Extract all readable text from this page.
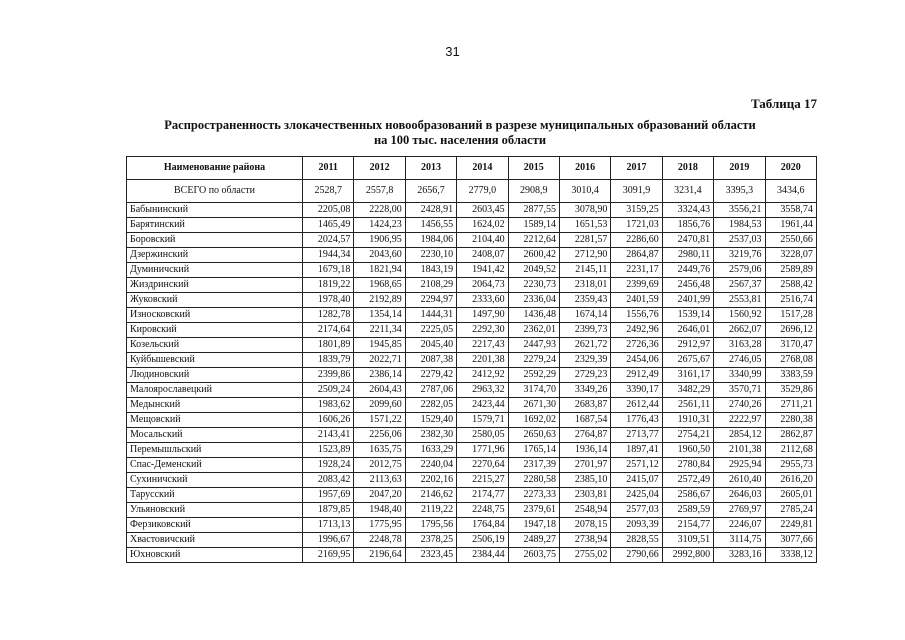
31
Таблица 17
Распространенность злокачественных новообразований в разрезе муниципальных образований области
на 100 тыс. населения области
Наименование района	2011	2012	2013	2014	2015	2016	2017	2018	2019	2020
ВСЕГО по области	2528,7	2557,8	2656,7	2779,0	2908,9	3010,4	3091,9	3231,4	3395,3	3434,6
Бабынинский	2205,08	2228,00	2428,91	2603,45	2877,55	3078,90	3159,25	3324,43	3556,21	3558,74
Барятинский	1465,49	1424,23	1456,55	1624,02	1589,14	1651,53	1721,03	1856,76	1984,53	1961,44
Боровский	2024,57	1906,95	1984,06	2104,40	2212,64	2281,57	2286,60	2470,81	2537,03	2550,66
Дзержинский	1944,34	2043,60	2230,10	2408,07	2600,42	2712,90	2864,87	2980,11	3219,76	3228,07
Думиничский	1679,18	1821,94	1843,19	1941,42	2049,52	2145,11	2231,17	2449,76	2579,06	2589,89
Жиздринский	1819,22	1968,65	2108,29	2064,73	2230,73	2318,01	2399,69	2456,48	2567,37	2588,42
Жуковский	1978,40	2192,89	2294,97	2333,60	2336,04	2359,43	2401,59	2401,99	2553,81	2516,74
Износковский	1282,78	1354,14	1444,31	1497,90	1436,48	1674,14	1556,76	1539,14	1560,92	1517,28
Кировский	2174,64	2211,34	2225,05	2292,30	2362,01	2399,73	2492,96	2646,01	2662,07	2696,12
Козельский	1801,89	1945,85	2045,40	2217,43	2447,93	2621,72	2726,36	2912,97	3163,28	3170,47
Куйбышевский	1839,79	2022,71	2087,38	2201,38	2279,24	2329,39	2454,06	2675,67	2746,05	2768,08
Людиновский	2399,86	2386,14	2279,42	2412,92	2592,29	2729,23	2912,49	3161,17	3340,99	3383,59
Малоярославецкий	2509,24	2604,43	2787,06	2963,32	3174,70	3349,26	3390,17	3482,29	3570,71	3529,86
Медынский	1983,62	2099,60	2282,05	2423,44	2671,30	2683,87	2612,44	2561,11	2740,26	2711,21
Мещовский	1606,26	1571,22	1529,40	1579,71	1692,02	1687,54	1776,43	1910,31	2222,97	2280,38
Мосальский	2143,41	2256,06	2382,30	2580,05	2650,63	2764,87	2713,77	2754,21	2854,12	2862,87
Перемышльский	1523,89	1635,75	1633,29	1771,96	1765,14	1936,14	1897,41	1960,50	2101,38	2112,68
Спас-Деменский	1928,24	2012,75	2240,04	2270,64	2317,39	2701,97	2571,12	2780,84	2925,94	2955,73
Сухиничский	2083,42	2113,63	2202,16	2215,27	2280,58	2385,10	2415,07	2572,49	2610,40	2616,20
Тарусский	1957,69	2047,20	2146,62	2174,77	2273,33	2303,81	2425,04	2586,67	2646,03	2605,01
Ульяновский	1879,85	1948,40	2119,22	2248,75	2379,61	2548,94	2577,03	2589,59	2769,97	2785,24
Ферзиковский	1713,13	1775,95	1795,56	1764,84	1947,18	2078,15	2093,39	2154,77	2246,07	2249,81
Хвастовичский	1996,67	2248,78	2378,25	2506,19	2489,27	2738,94	2828,55	3109,51	3114,75	3077,66
Юхновский	2169,95	2196,64	2323,45	2384,44	2603,75	2755,02	2790,66	2992,800	3283,16	3338,12
